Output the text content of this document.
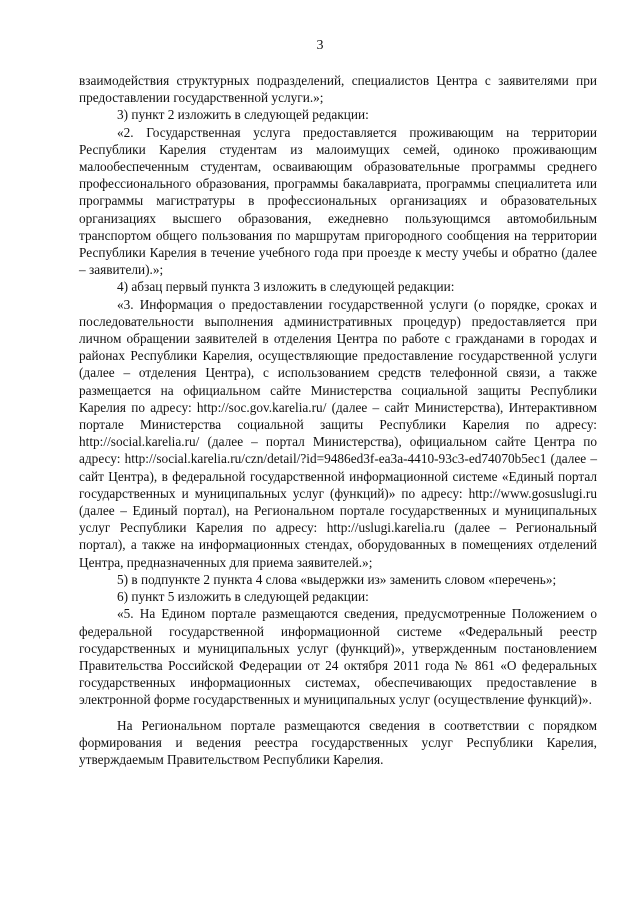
3

взаимодействия структурных подразделений, специалистов Центра с заявителями при предоставлении государственной услуги.»;

3) пункт 2 изложить в следующей редакции:

«2. Государственная услуга предоставляется проживающим на территории Республики Карелия студентам из малоимущих семей, одиноко проживающим малообеспеченным студентам, осваивающим образовательные программы среднего профессионального образования, программы бакалавриата, программы специалитета или программы магистратуры в профессиональных организациях и образовательных организациях высшего образования, ежедневно пользующимся автомобильным транспортом общего пользования по маршрутам пригородного сообщения на территории Республики Карелия в течение учебного года при проезде к месту учебы и обратно (далее – заявители).»;

4) абзац первый пункта 3 изложить в следующей редакции:

«3. Информация о предоставлении государственной услуги (о порядке, сроках и последовательности выполнения административных процедур) предоставляется при личном обращении заявителей в отделения Центра по работе с гражданами в городах и районах Республики Карелия, осуществляющие предоставление государственной услуги (далее – отделения Центра), с использованием средств телефонной связи, а также размещается на официальном сайте Министерства социальной защиты Республики Карелия по адресу: http://soc.gov.karelia.ru/ (далее – сайт Министерства), Интерактивном портале Министерства социальной защиты Республики Карелия по адресу: http://social.karelia.ru/ (далее – портал Министерства), официальном сайте Центра по адресу: http://social.karelia.ru/czn/detail/?id=9486ed3f-ea3a-4410-93c3-ed74070b5ec1 (далее – сайт Центра), в федеральной государственной информационной системе «Единый портал государственных и муниципальных услуг (функций)» по адресу: http://www.gosuslugi.ru (далее – Единый портал), на Региональном портале государственных и муниципальных услуг Республики Карелия по адресу: http://uslugi.karelia.ru (далее – Региональный портал), а также на информационных стендах, оборудованных в помещениях отделений Центра, предназначенных для приема заявителей.»;

5) в подпункте 2 пункта 4 слова «выдержки из» заменить словом «перечень»;

6) пункт 5 изложить в следующей редакции:

«5. На Едином портале размещаются сведения, предусмотренные Положением о федеральной государственной информационной системе «Федеральный реестр государственных и муниципальных услуг (функций)», утвержденным постановлением Правительства Российской Федерации от 24 октября 2011 года № 861 «О федеральных государственных информационных системах, обеспечивающих предоставление в электронной форме государственных и муниципальных услуг (осуществление функций)».

На Региональном портале размещаются сведения в соответствии с порядком формирования и ведения реестра государственных услуг Республики Карелия, утверждаемым Правительством Республики Карелия.
